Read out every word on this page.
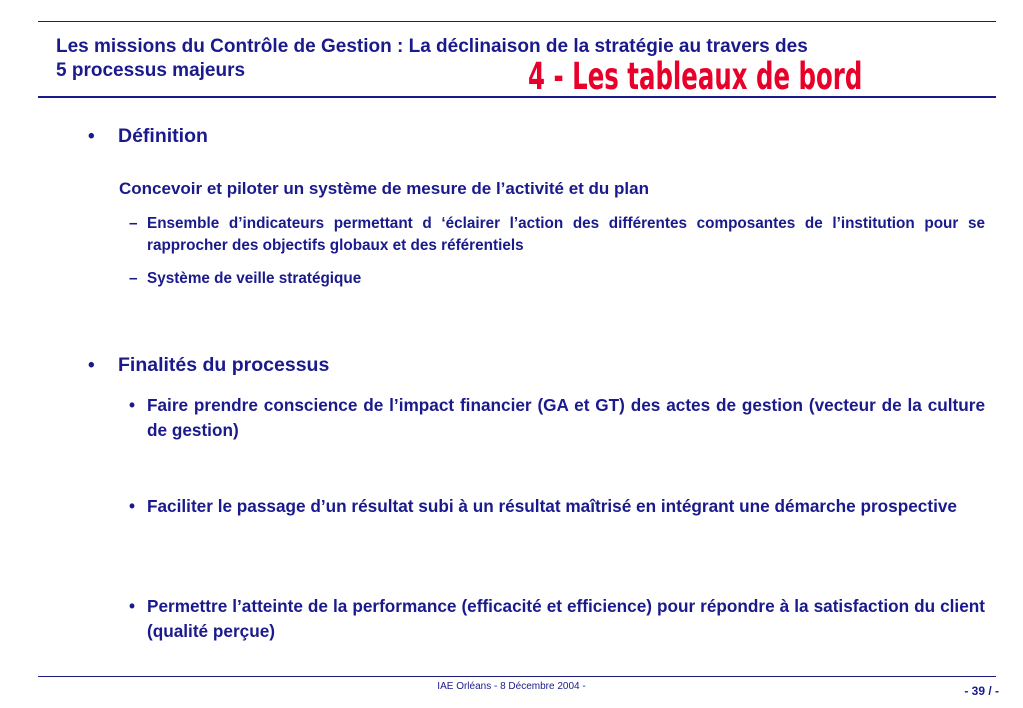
Les missions du Contrôle de Gestion : La déclinaison de la stratégie au travers des
5 processus majeurs	4 - Les tableaux de bord
•	Définition
Concevoir et piloter un système de mesure de l’activité et du plan
– Ensemble d’indicateurs permettant d ‘éclairer l’action des différentes composantes de l’institution pour se rapprocher des objectifs globaux et des référentiels
– Système de veille stratégique
•	Finalités du processus
• Faire prendre conscience de l’impact financier (GA et GT) des actes de gestion (vecteur de la culture de gestion)
• Faciliter le passage d’un résultat subi à un résultat maîtrisé en intégrant une démarche prospective
• Permettre l’atteinte de la performance (efficacité et efficience) pour répondre à la satisfaction du client (qualité perçue)
IAE Orléans - 8 Décembre 2004 -	- 39 / -
